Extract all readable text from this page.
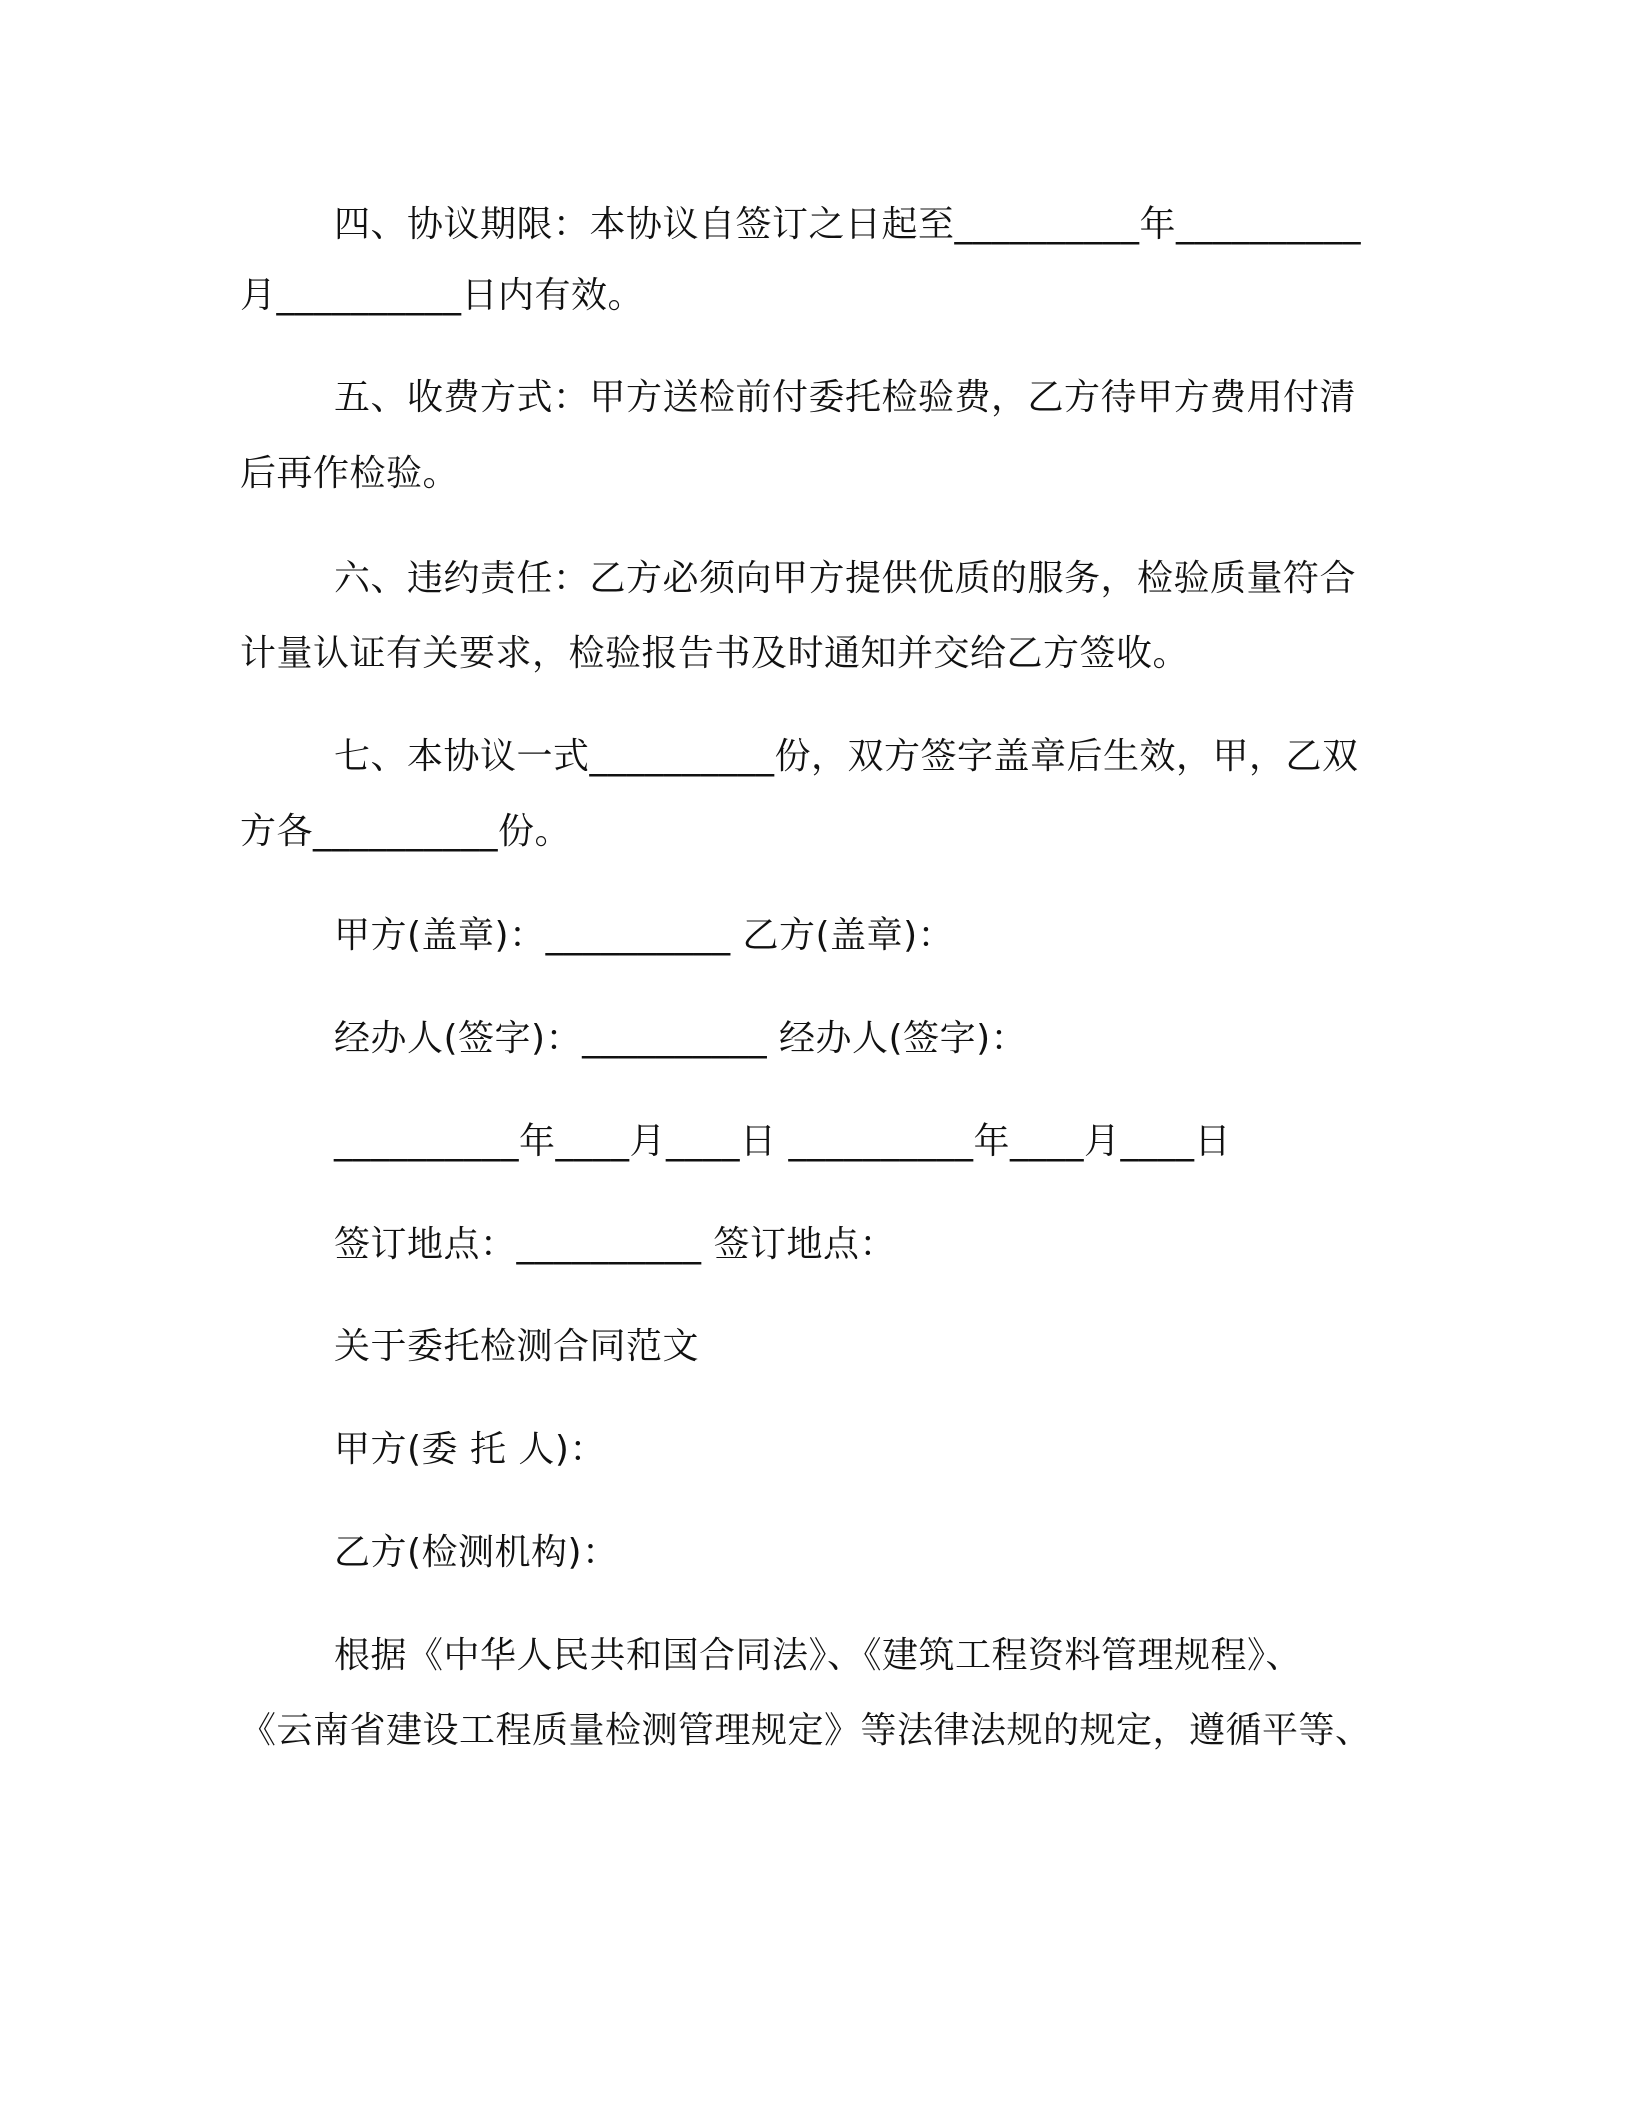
四、协议期限：本协议自签订之日起至__________年__________
月__________日内有效。
五、收费方式：甲方送检前付委托检验费，乙方待甲方费用付清
后再作检验。
六、违约责任：乙方必须向甲方提供优质的服务，检验质量符合
计量认证有关要求，检验报告书及时通知并交给乙方签收。
七、本协议一式__________份，双方签字盖章后生效，甲，乙双
方各__________份。
甲方(盖章)：__________ 乙方(盖章)：
经办人(签字)：__________ 经办人(签字)：
__________年____月____日 __________年____月____日
签订地点：__________ 签订地点：
关于委托检测合同范文
甲方(委 托 人)：
乙方(检测机构)：
根据《中华人民共和国合同法》、《建筑工程资料管理规程》、
《云南省建设工程质量检测管理规定》等法律法规的规定，遵循平等、
